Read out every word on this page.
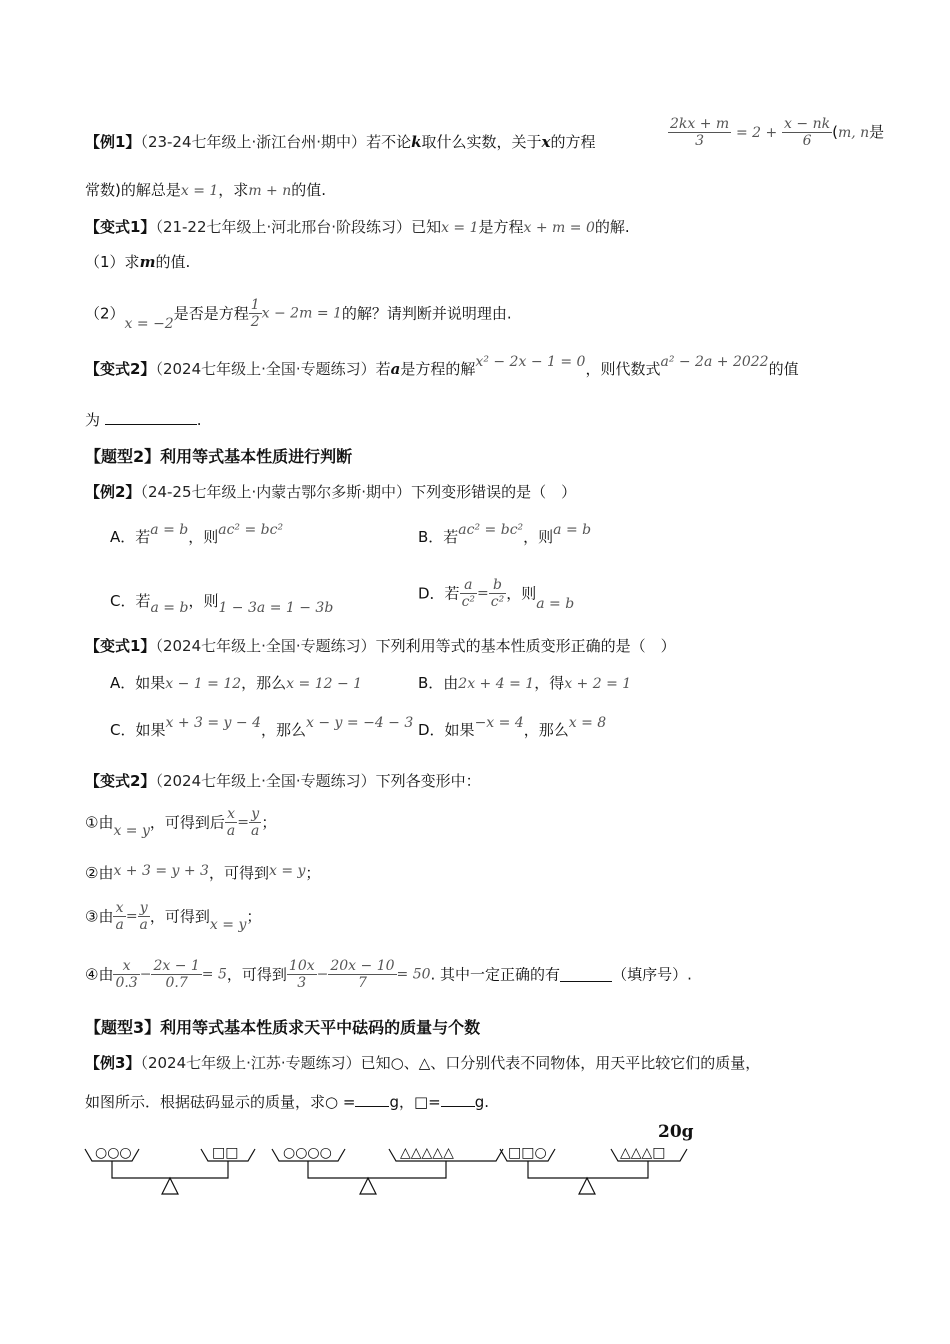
【例1】（23-24七年级上·浙江台州·期中）若不论k取什么实数，关于x的方程	$\frac{2kx + m}{3} = 2 + \frac{x - nk}{6} (m$, n是
常数)的解总是x = 1，求m + n的值.
【变式1】（21-22七年级上·河北邢台·阶段练习）已知x = 1是方程x + m = 0的解.
（1）求m的值.
（2）x = −2是否是方程 $\frac{1}{2}$ x − 2m = 1的解？请判断并说明理由.
【变式2】（2024七年级上·全国·专题练习）若a是方程的解x² − 2x − 1 = 0，则代数式a² − 2a + 2022的值
为	.
【题型2】利用等式基本性质进行判断
【例2】（24-25七年级上·内蒙古鄂尔多斯·期中）下列变形错误的是（　）
A．若a = b，则ac² = bc²	B．若ac² = bc²，则a = b
C．若a = b，则1 − 3a = 1 − 3b
D．若 $\frac{a}{\text{c²}} = \frac{b}{\text{c²}}$ ，则a = b
【变式1】（2024七年级上·全国·专题练习）下列利用等式的基本性质变形正确的是（　）
A．如果x − 1 = 12，那么x = 12 − 1	B．由2x + 4 = 1，得x + 2 = 1
C．如果x + 3 = y − 4，那么x − y = −4 − 3 D．如果−x = 4，那么x = 8
【变式2】（2024七年级上·全国·专题练习）下列各变形中：
①由x = y，可得到后 $\frac{x}{a} = \frac{y}{a}$ ；
②由x + 3 = y + 3，可得到x = y；
③由 $\frac{x}{a} = \frac{y}{a}$ ，可得到x = y；
④由 $\frac{x}{0.3} - \frac{2x - 1}{0.7} = 5$，可得到 $\frac{10x}{3} - \frac{20x - 10}{7} = 50$. 其中一定正确的有	（填序号）.
【题型3】利用等式基本性质求天平中砝码的质量与个数
【例3】（2024七年级上·江苏·专题练习）已知○、△、口分别代表不同物体，用天平比较它们的质量，
如图所示．根据砝码显示的质量，求○ = g，□= g.
○○○	□□	○○○○	△△△△△	□□○	△△△□
20g
